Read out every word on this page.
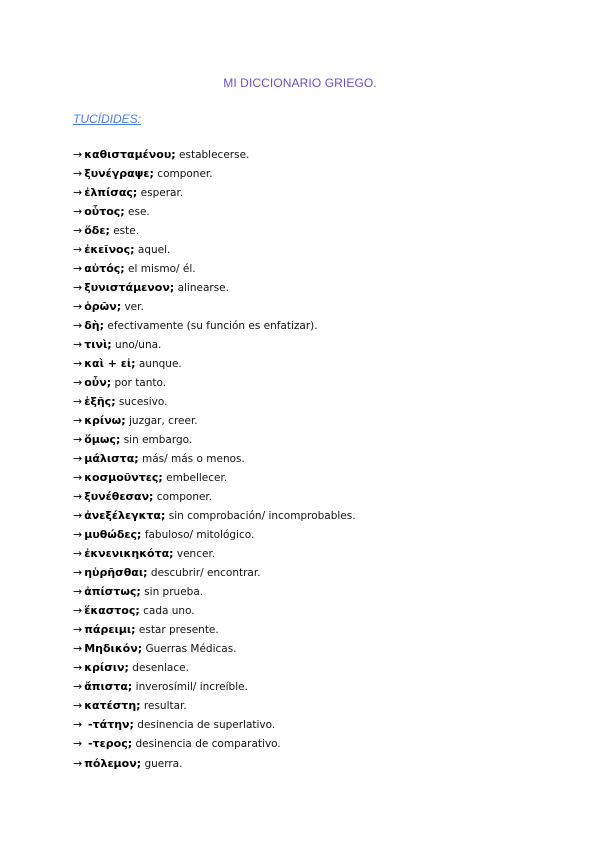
MI DICCIONARIO GRIEGO.
TUCÍDIDES:
→ καθισταμένου; establecerse.
→ ξυνέγραψε; componer.
→ ἐλπίσας; esperar.
→ οὗτος; ese.
→ ὅδε; este.
→ ἐκεῖνος; aquel.
→ αὐτός; el mismo/ él.
→ ξυνιστάμενον; alinearse.
→ ὁρῶν; ver.
→ δὴ; efectivamente (su función es enfatizar).
→ τινὶ; uno/una.
→ καὶ + εἰ; aunque.
→ οὖν; por tanto.
→ ἑξῆς; sucesivo.
→ κρίνω; juzgar, creer.
→ ὅμως; sin embargo.
→ μάλιστα; más/ más o menos.
→ κοσμοῦντες; embellecer.
→ ξυνέθεσαν; componer.
→ ἀνεξέλεγκτα; sin comprobación/ incomprobables.
→ μυθώδες; fabuloso/ mitológico.
→ ἐκνενικηκότα; vencer.
→ ηὑρῆσθαι; descubrir/ encontrar.
→ ἀπίστως; sin prueba.
→ ἕκαστος; cada uno.
→ πάρειμι; estar presente.
→ Μηδικόν; Guerras Médicas.
→ κρίσιν; desenlace.
→ ἄπιστα; inverosímil/ increíble.
→ κατέστη; resultar.
→ -τάτην; desinencia de superlativo.
→ -τερος; desinencia de comparativo.
→ πόλεμον; guerra.
